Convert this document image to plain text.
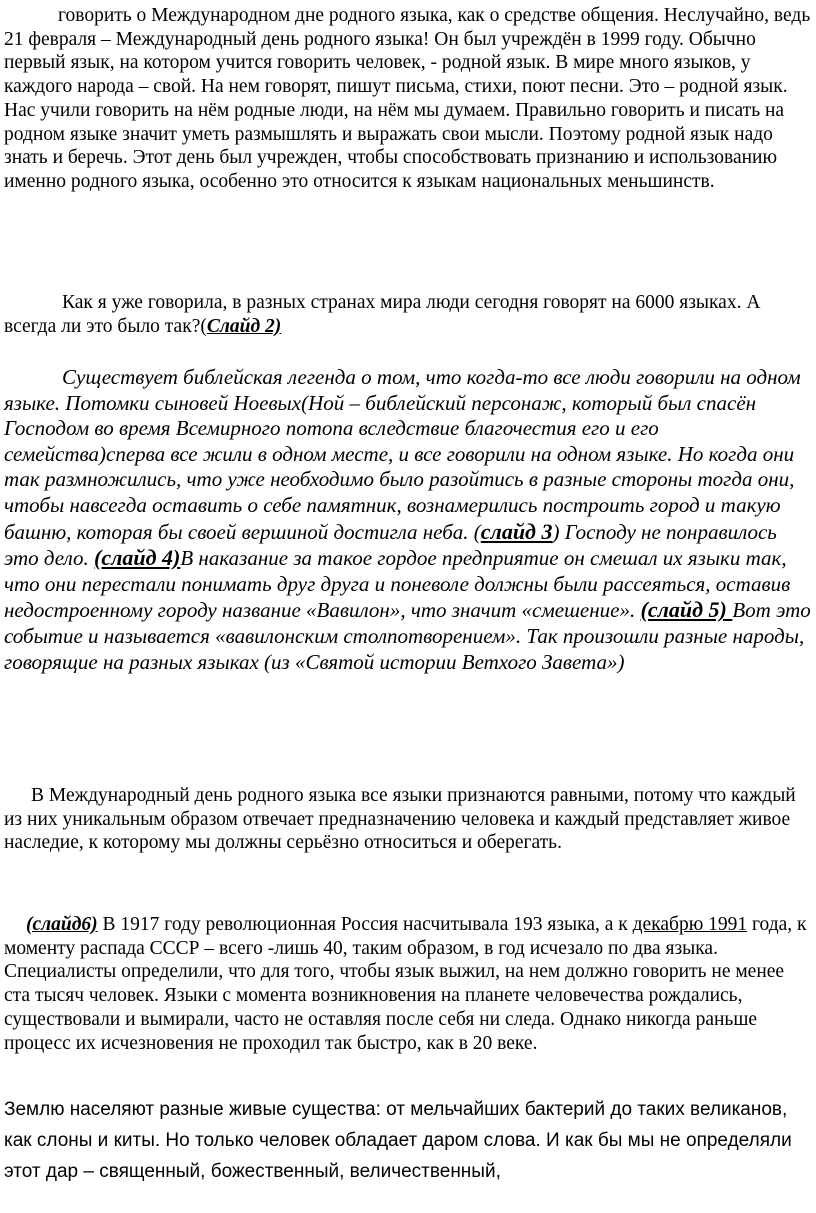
говорить о Международном дне родного языка, как о средстве общения. Неслучайно, ведь 21 февраля – Международный день родного языка! Он был учреждён в 1999 году. Обычно первый язык, на котором учится говорить человек, - родной язык. В мире много языков, у каждого народа – свой. На нем говорят, пишут письма, стихи, поют песни. Это – родной язык. Нас учили говорить на нём родные люди, на нём мы думаем. Правильно говорить и писать на родном языке значит уметь размышлять и выражать свои мысли. Поэтому родной язык надо знать и беречь. Этот день был учрежден, чтобы способствовать признанию и использованию именно родного языка, особенно это относится к языкам национальных меньшинств.

Как я уже говорила, в разных странах мира люди сегодня говорят на 6000 языках. А всегда ли это было так?(Слайд 2)

Существует библейская легенда о том, что когда-то все люди говорили на одном языке. Потомки сыновей Ноевых(Ной – библейский персонаж, который был спасён Господом во время Всемирного потопа вследствие благочестия его и его семейства)сперва все жили в одном месте, и все говорили на одном языке. Но когда они так размножились, что уже необходимо было разойтись в разные стороны тогда они, чтобы навсегда оставить о себе памятник, вознамерились построить город и такую башню, которая бы своей вершиной достигла неба. (слайд 3) Господу не понравилось это дело. (слайд 4)В наказание за такое гордое предприятие он смешал их языки так, что они перестали понимать друг друга и поневоле должны были рассеяться, оставив недостроенному городу название «Вавилон», что значит «смешение». (слайд 5) Вот это событие и называется «вавилонским столпотворением». Так произошли разные народы, говорящие на разных языках (из «Святой истории Ветхого Завета»)

В Международный день родного языка все языки признаются равными, потому что каждый из них уникальным образом отвечает предназначению человека и каждый представляет живое наследие, к которому мы должны серьёзно относиться и оберегать.

(слайд6) В 1917 году революционная Россия насчитывала 193 языка, а к декабрю 1991 года, к моменту распада СССР – всего -лишь 40, таким образом, в год исчезало по два языка. Специалисты определили, что для того, чтобы язык выжил, на нем должно говорить не менее ста тысяч человек. Языки с момента возникновения на планете человечества рождались, существовали и вымирали, часто не оставляя после себя ни следа. Однако никогда раньше процесс их исчезновения не проходил так быстро, как в 20 веке.

Землю населяют разные живые существа: от мельчайших бактерий до таких великанов, как слоны и киты. Но только человек обладает даром слова. И как бы мы не определяли этот дар – священный, божественный, величественный,
